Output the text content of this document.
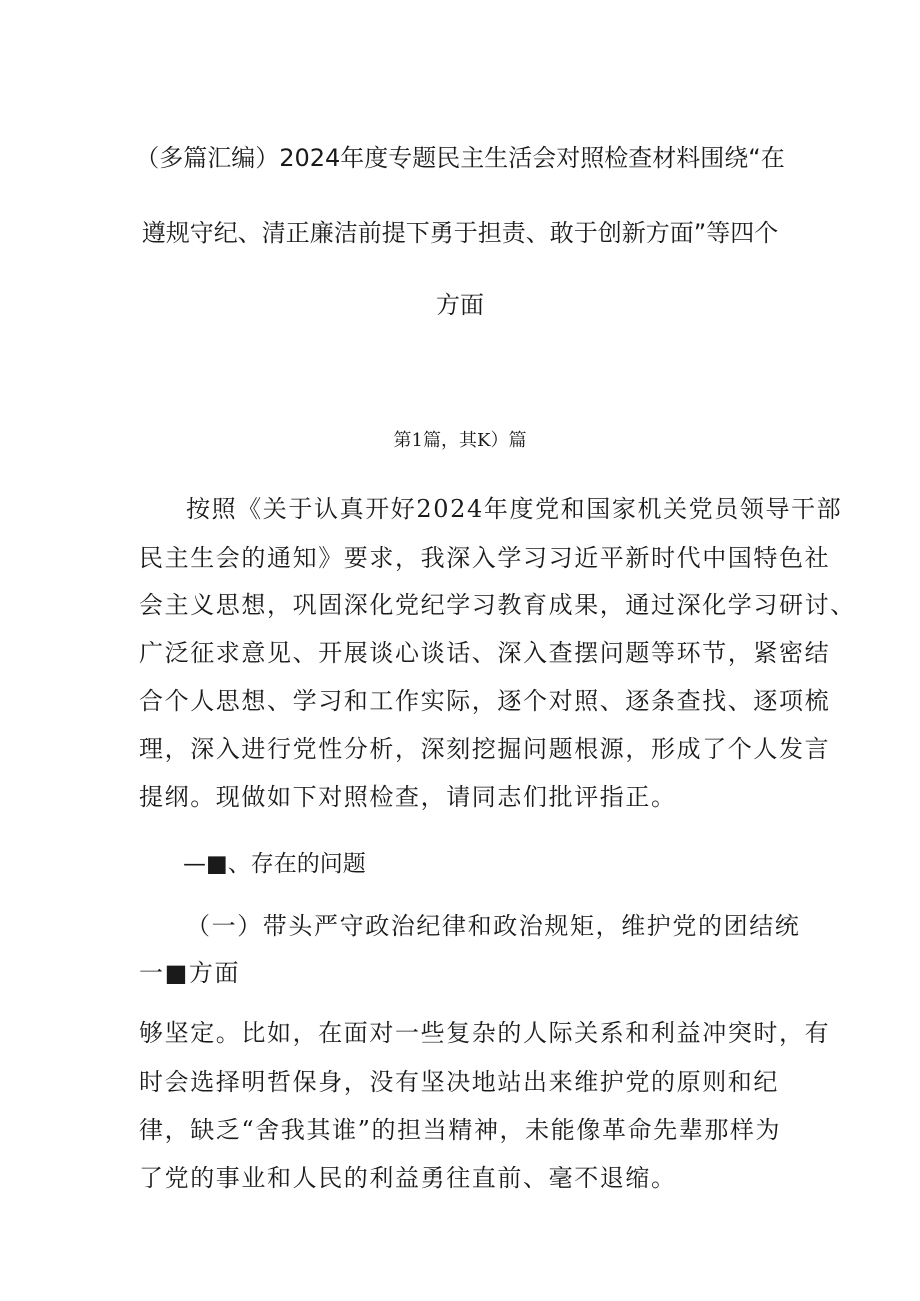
（多篇汇编）2024年度专题民主生活会对照检查材料围绕“在
遵规守纪、清正廉洁前提下勇于担责、敢于创新方面”等四个
方面
第1篇，其K）篇
按照《关于认真开好2024年度党和国家机关党员领导干部
民主生会的通知》要求，我深入学习习近平新时代中国特色社
会主义思想，巩固深化党纪学习教育成果，通过深化学习研讨、
广泛征求意见、开展谈心谈话、深入查摆问题等环节，紧密结
合个人思想、学习和工作实际，逐个对照、逐条查找、逐项梳
理，深入进行党性分析，深刻挖掘问题根源，形成了个人发言
提纲。现做如下对照检查，请同志们批评指正。
—■、存在的问题
（一）带头严守政治纪律和政治规矩，维护党的团结统
一■方面
够坚定。比如，在面对一些复杂的人际关系和利益冲突时，有
时会选择明哲保身，没有坚决地站出来维护党的原则和纪
律，缺乏“舍我其谁”的担当精神，未能像革命先辈那样为
了党的事业和人民的利益勇往直前、毫不退缩。
